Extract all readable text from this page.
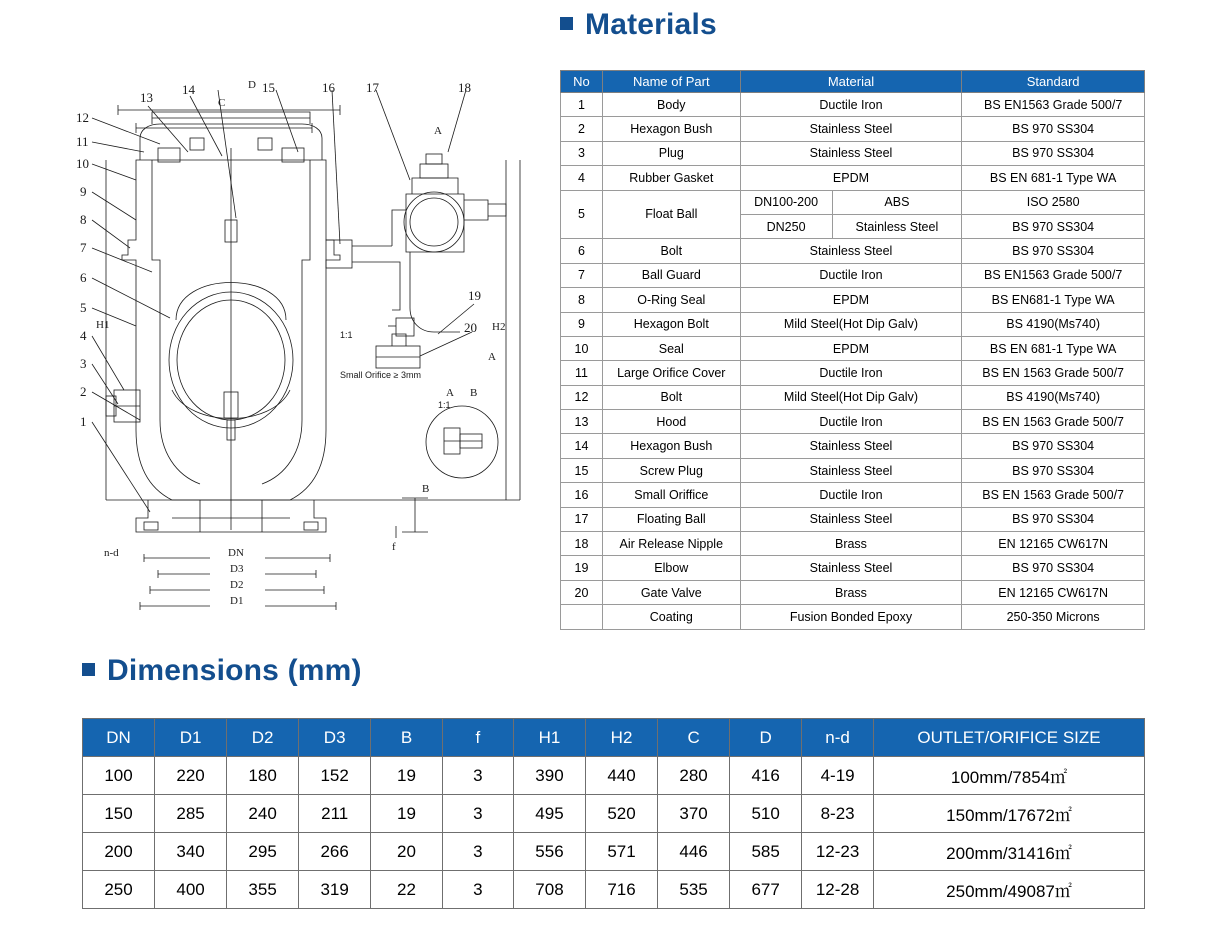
Materials
Dimensions (mm)
12
11
10
9
8
7
6
5
4
3
2
1
13
14	15	16 17	18
19
20
C
D
DN
D3
D2
D1
H1	H2
B
f
n-d
A
A
A B
Small Orifice ≥ 3mm
1:1
1:1
No	Name of Part	Material		Standard
1	Body	Ductile Iron		BS EN1563 Grade 500/7
2	Hexagon Bush	Stainless Steel		BS 970 SS304
3	Plug	Stainless Steel		BS 970 SS304
4	Rubber Gasket	EPDM		BS EN 681-1 Type WA
5	Float Ball	DN100-200	ABS	ISO 2580
		DN250	Stainless Steel	BS 970 SS304
6	Bolt	Stainless Steel		BS 970 SS304
7	Ball Guard	Ductile Iron		BS EN1563 Grade 500/7
8	O-Ring Seal	EPDM		BS EN681-1 Type WA
9	Hexagon Bolt	Mild Steel(Hot Dip Galv)		BS 4190(Ms740)
10	Seal	EPDM		BS EN 681-1 Type WA
11	Large Orifice Cover	Ductile Iron		BS EN 1563 Grade 500/7
12	Bolt	Mild Steel(Hot Dip Galv)		BS 4190(Ms740)
13	Hood	Ductile Iron		BS EN 1563 Grade 500/7
14	Hexagon Bush	Stainless Steel		BS 970 SS304
15	Screw Plug	Stainless Steel		BS 970 SS304
16	Small Oriffice	Ductile Iron		BS EN 1563 Grade 500/7
17	Floating Ball	Stainless Steel		BS 970 SS304
18	Air Release Nipple	Brass		EN 12165 CW617N
19	Elbow	Stainless Steel		BS 970 SS304
20	Gate Valve	Brass		EN 12165 CW617N
	Coating	Fusion Bonded Epoxy		250-350 Microns
DN	D1	D2	D3	B	f	H1	H2	C	D	n-d	OUTLET/ORIFICE SIZE
100	220	180	152	19	3	390	440	280	416	4-19	100mm/7854㎡
150	285	240	211	19	3	495	520	370	510	8-23	150mm/17672㎡
200	340	295	266	20	3	556	571	446	585	12-23	200mm/31416㎡
250	400	355	319	22	3	708	716	535	677	12-28	250mm/49087㎡
